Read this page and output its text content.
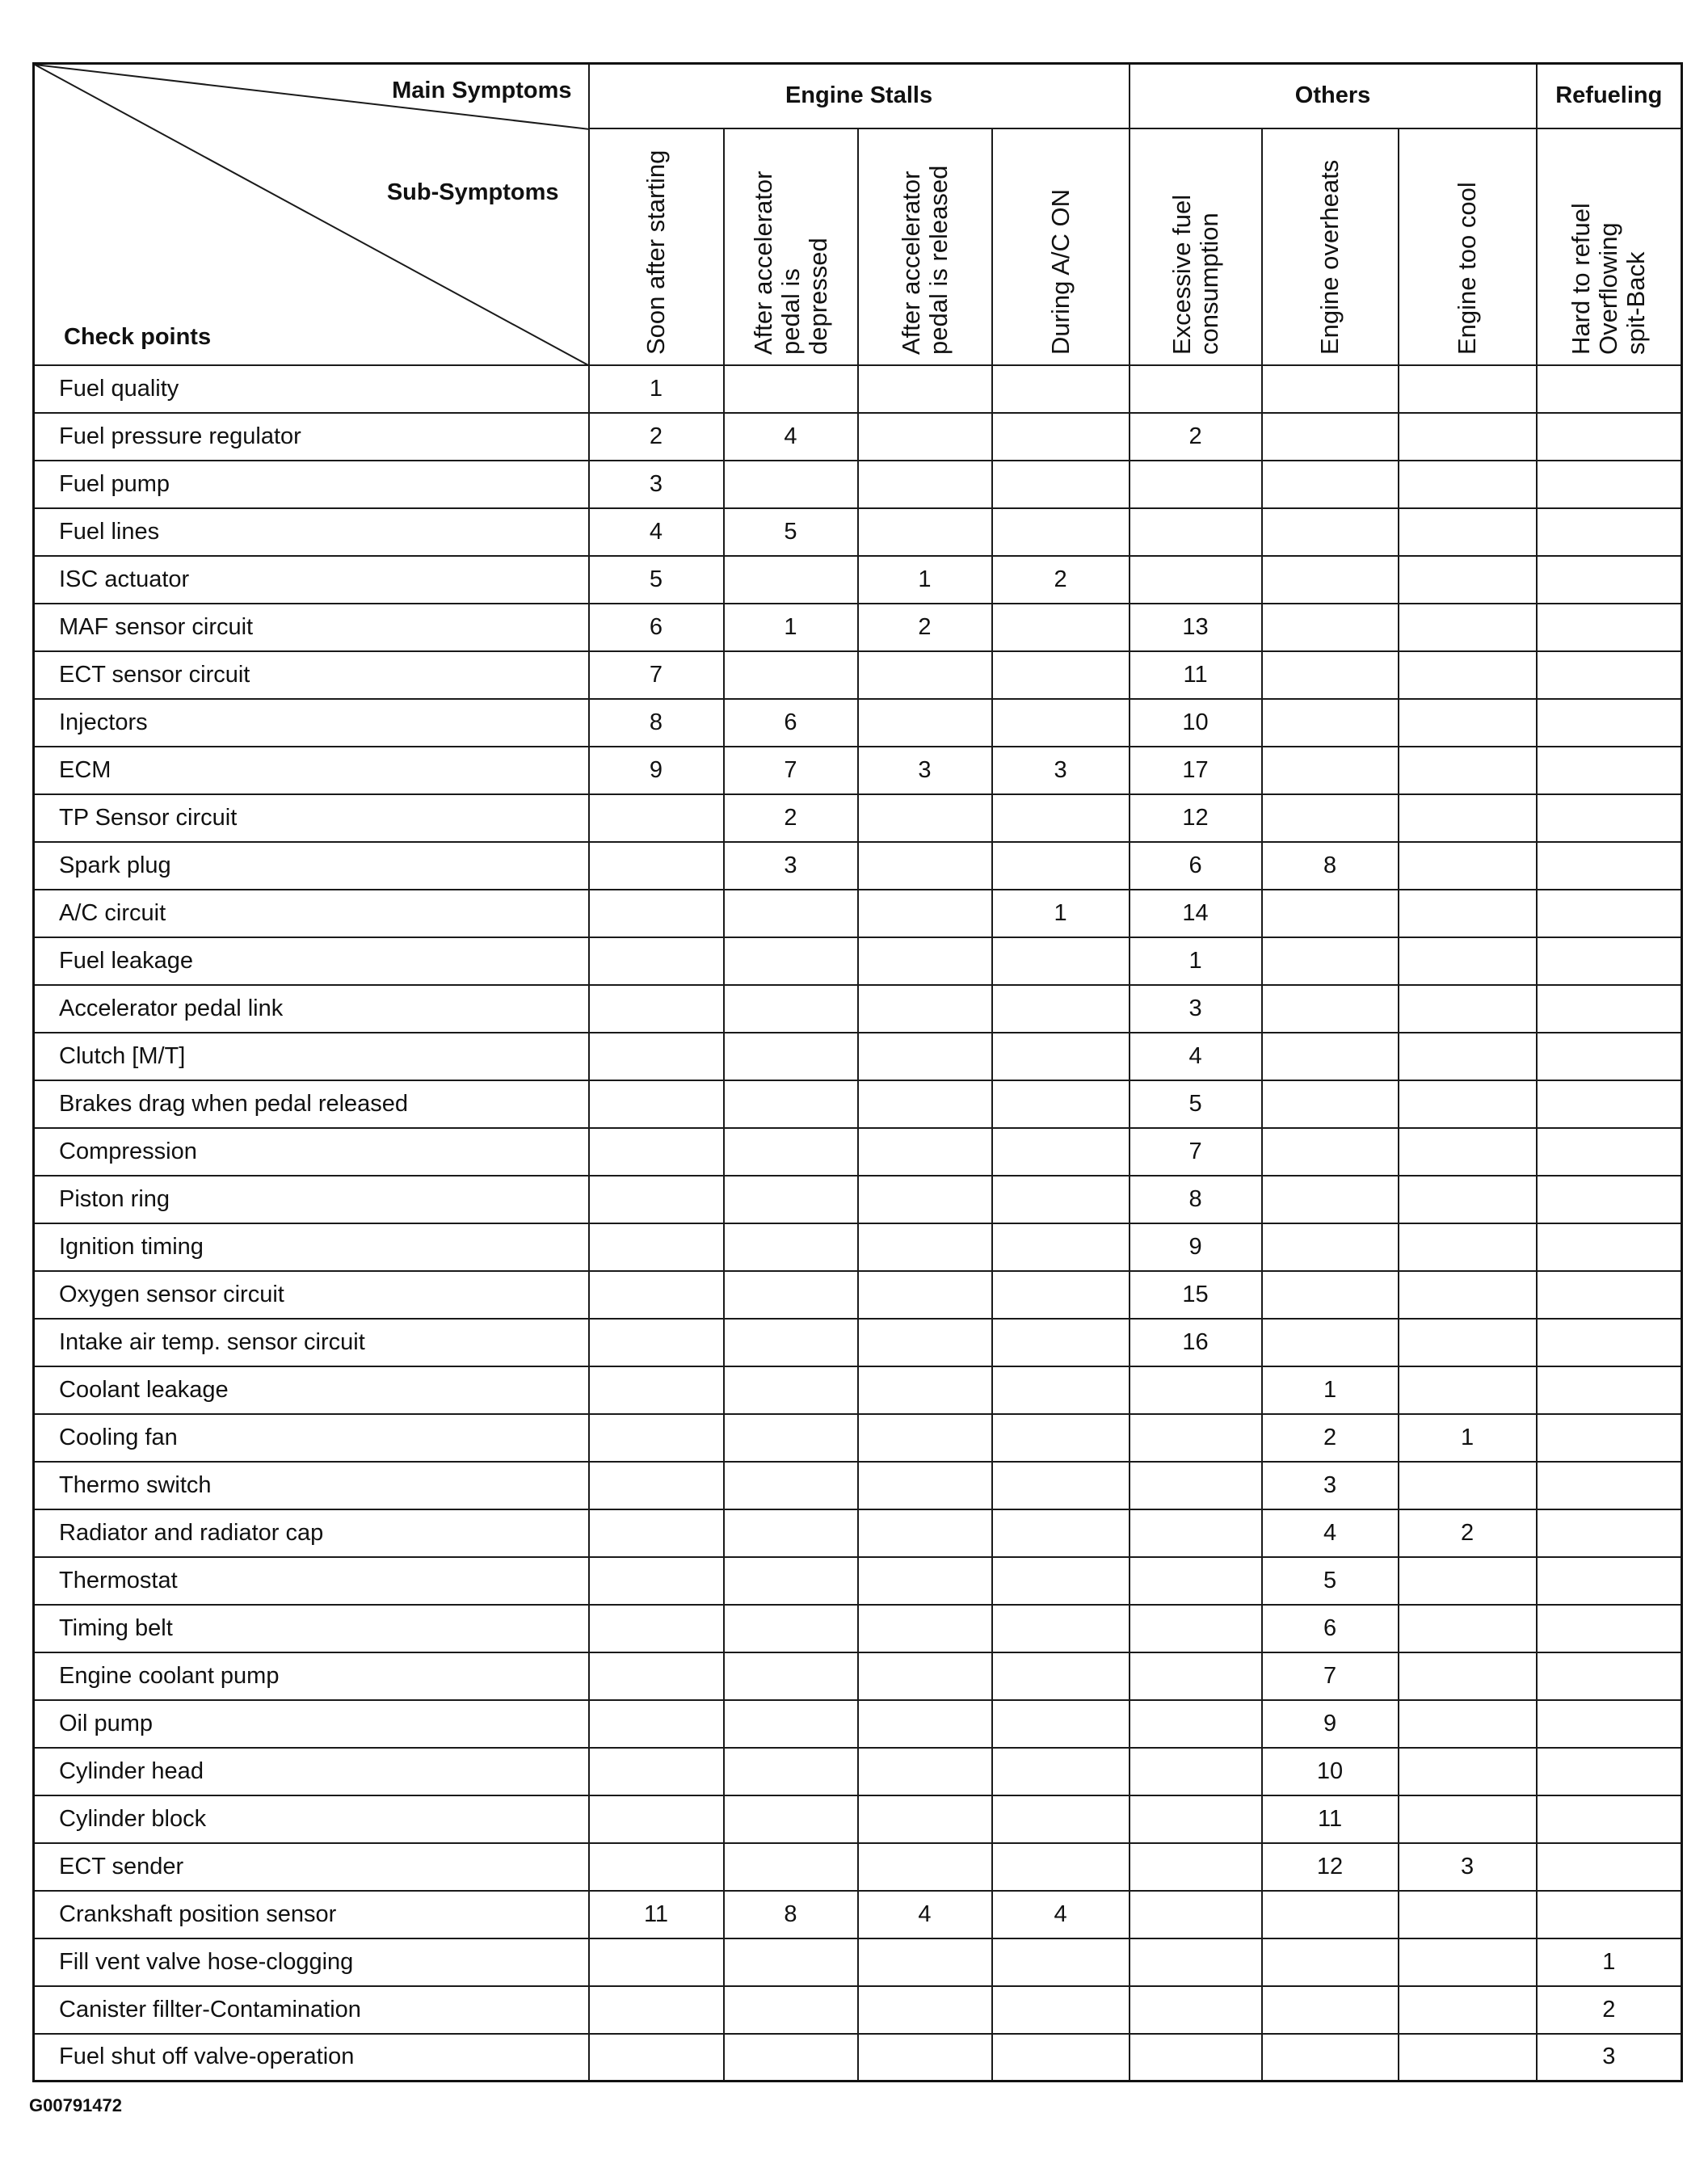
Main Symptoms
Sub-Symptoms
Check points	Engine Stalls				Others			Refueling

	Soon after starting	After accelerator pedal is depressed	After accelerator pedal is released	During A/C ON	Excessive fuel consumption	Engine overheats	Engine too cool	Hard to refuel Overflowing spit-Back

Fuel quality	1							
Fuel pressure regulator	2	4			2			
Fuel pump	3							
Fuel lines	4	5						
ISC actuator	5		1	2				
MAF sensor circuit	6	1	2		13			
ECT sensor circuit	7				11			
Injectors	8	6			10			
ECM	9	7	3	3	17			
TP Sensor circuit		2			12			
Spark plug		3			6	8		
A/C circuit				1	14			
Fuel leakage					1			
Accelerator pedal link					3			
Clutch [M/T]					4			
Brakes drag when pedal released					5			
Compression					7			
Piston ring					8			
Ignition timing					9			
Oxygen sensor circuit					15			
Intake air temp. sensor circuit					16			
Coolant leakage						1		
Cooling fan						2	1	
Thermo switch						3		
Radiator and radiator cap						4	2	
Thermostat						5		
Timing belt						6		
Engine coolant pump						7		
Oil pump						9		
Cylinder head						10		
Cylinder block						11		
ECT sender						12	3	
Crankshaft position sensor	11	8	4	4				
Fill vent valve hose-clogging								1
Canister fillter-Contamination								2
Fuel shut off valve-operation								3
G00791472
